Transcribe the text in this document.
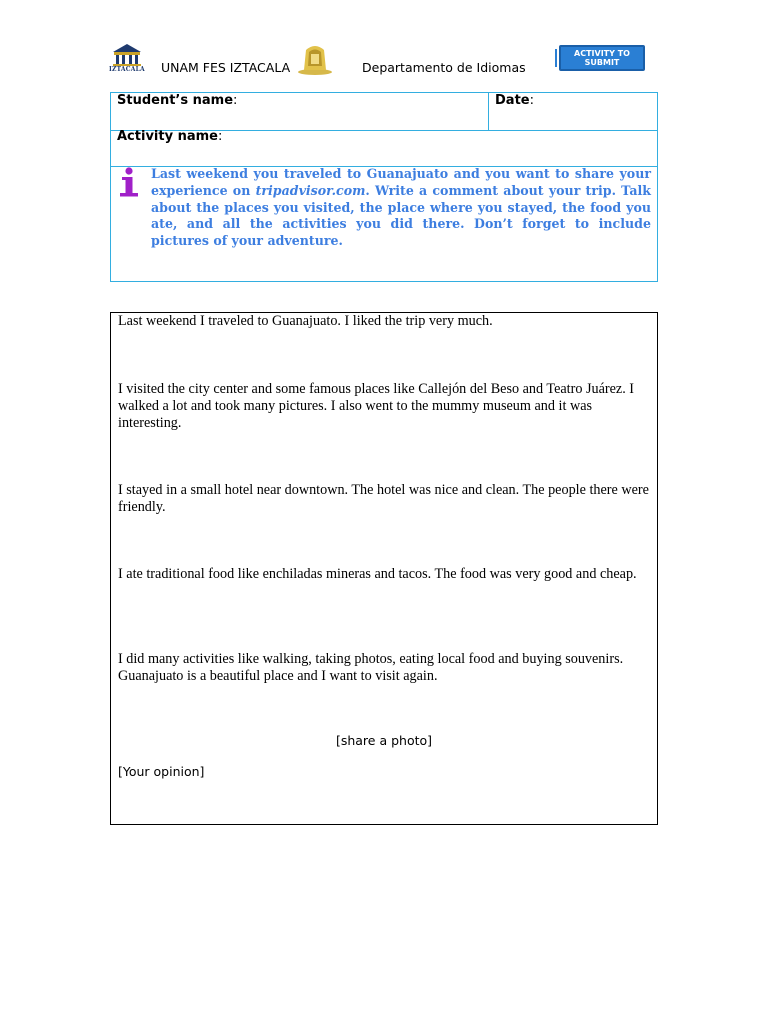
IZTACALA UNAM FES IZTACALA	Departamento de Idiomas
ACTIVITY TO
SUBMIT
Student’s name:	Date:
Activity name:
Last weekend you traveled to Guanajuato and you want to share your experience on tripadvisor.com. Write a comment about your trip. Talk about the places you visited, the place where you stayed, the food you ate, and all the activities you did there. Don’t forget to include pictures of your adventure.
Last weekend I traveled to Guanajuato. I liked the trip very much.
I visited the city center and some famous places like Callejón del Beso and Teatro Juárez. I walked a lot and took many pictures. I also went to the mummy museum and it was interesting.
I stayed in a small hotel near downtown. The hotel was nice and clean. The people there were friendly.
I ate traditional food like enchiladas mineras and tacos. The food was very good and cheap.
I did many activities like walking, taking photos, eating local food and buying souvenirs. Guanajuato is a beautiful place and I want to visit again.
[share a photo]
[Your opinion]
